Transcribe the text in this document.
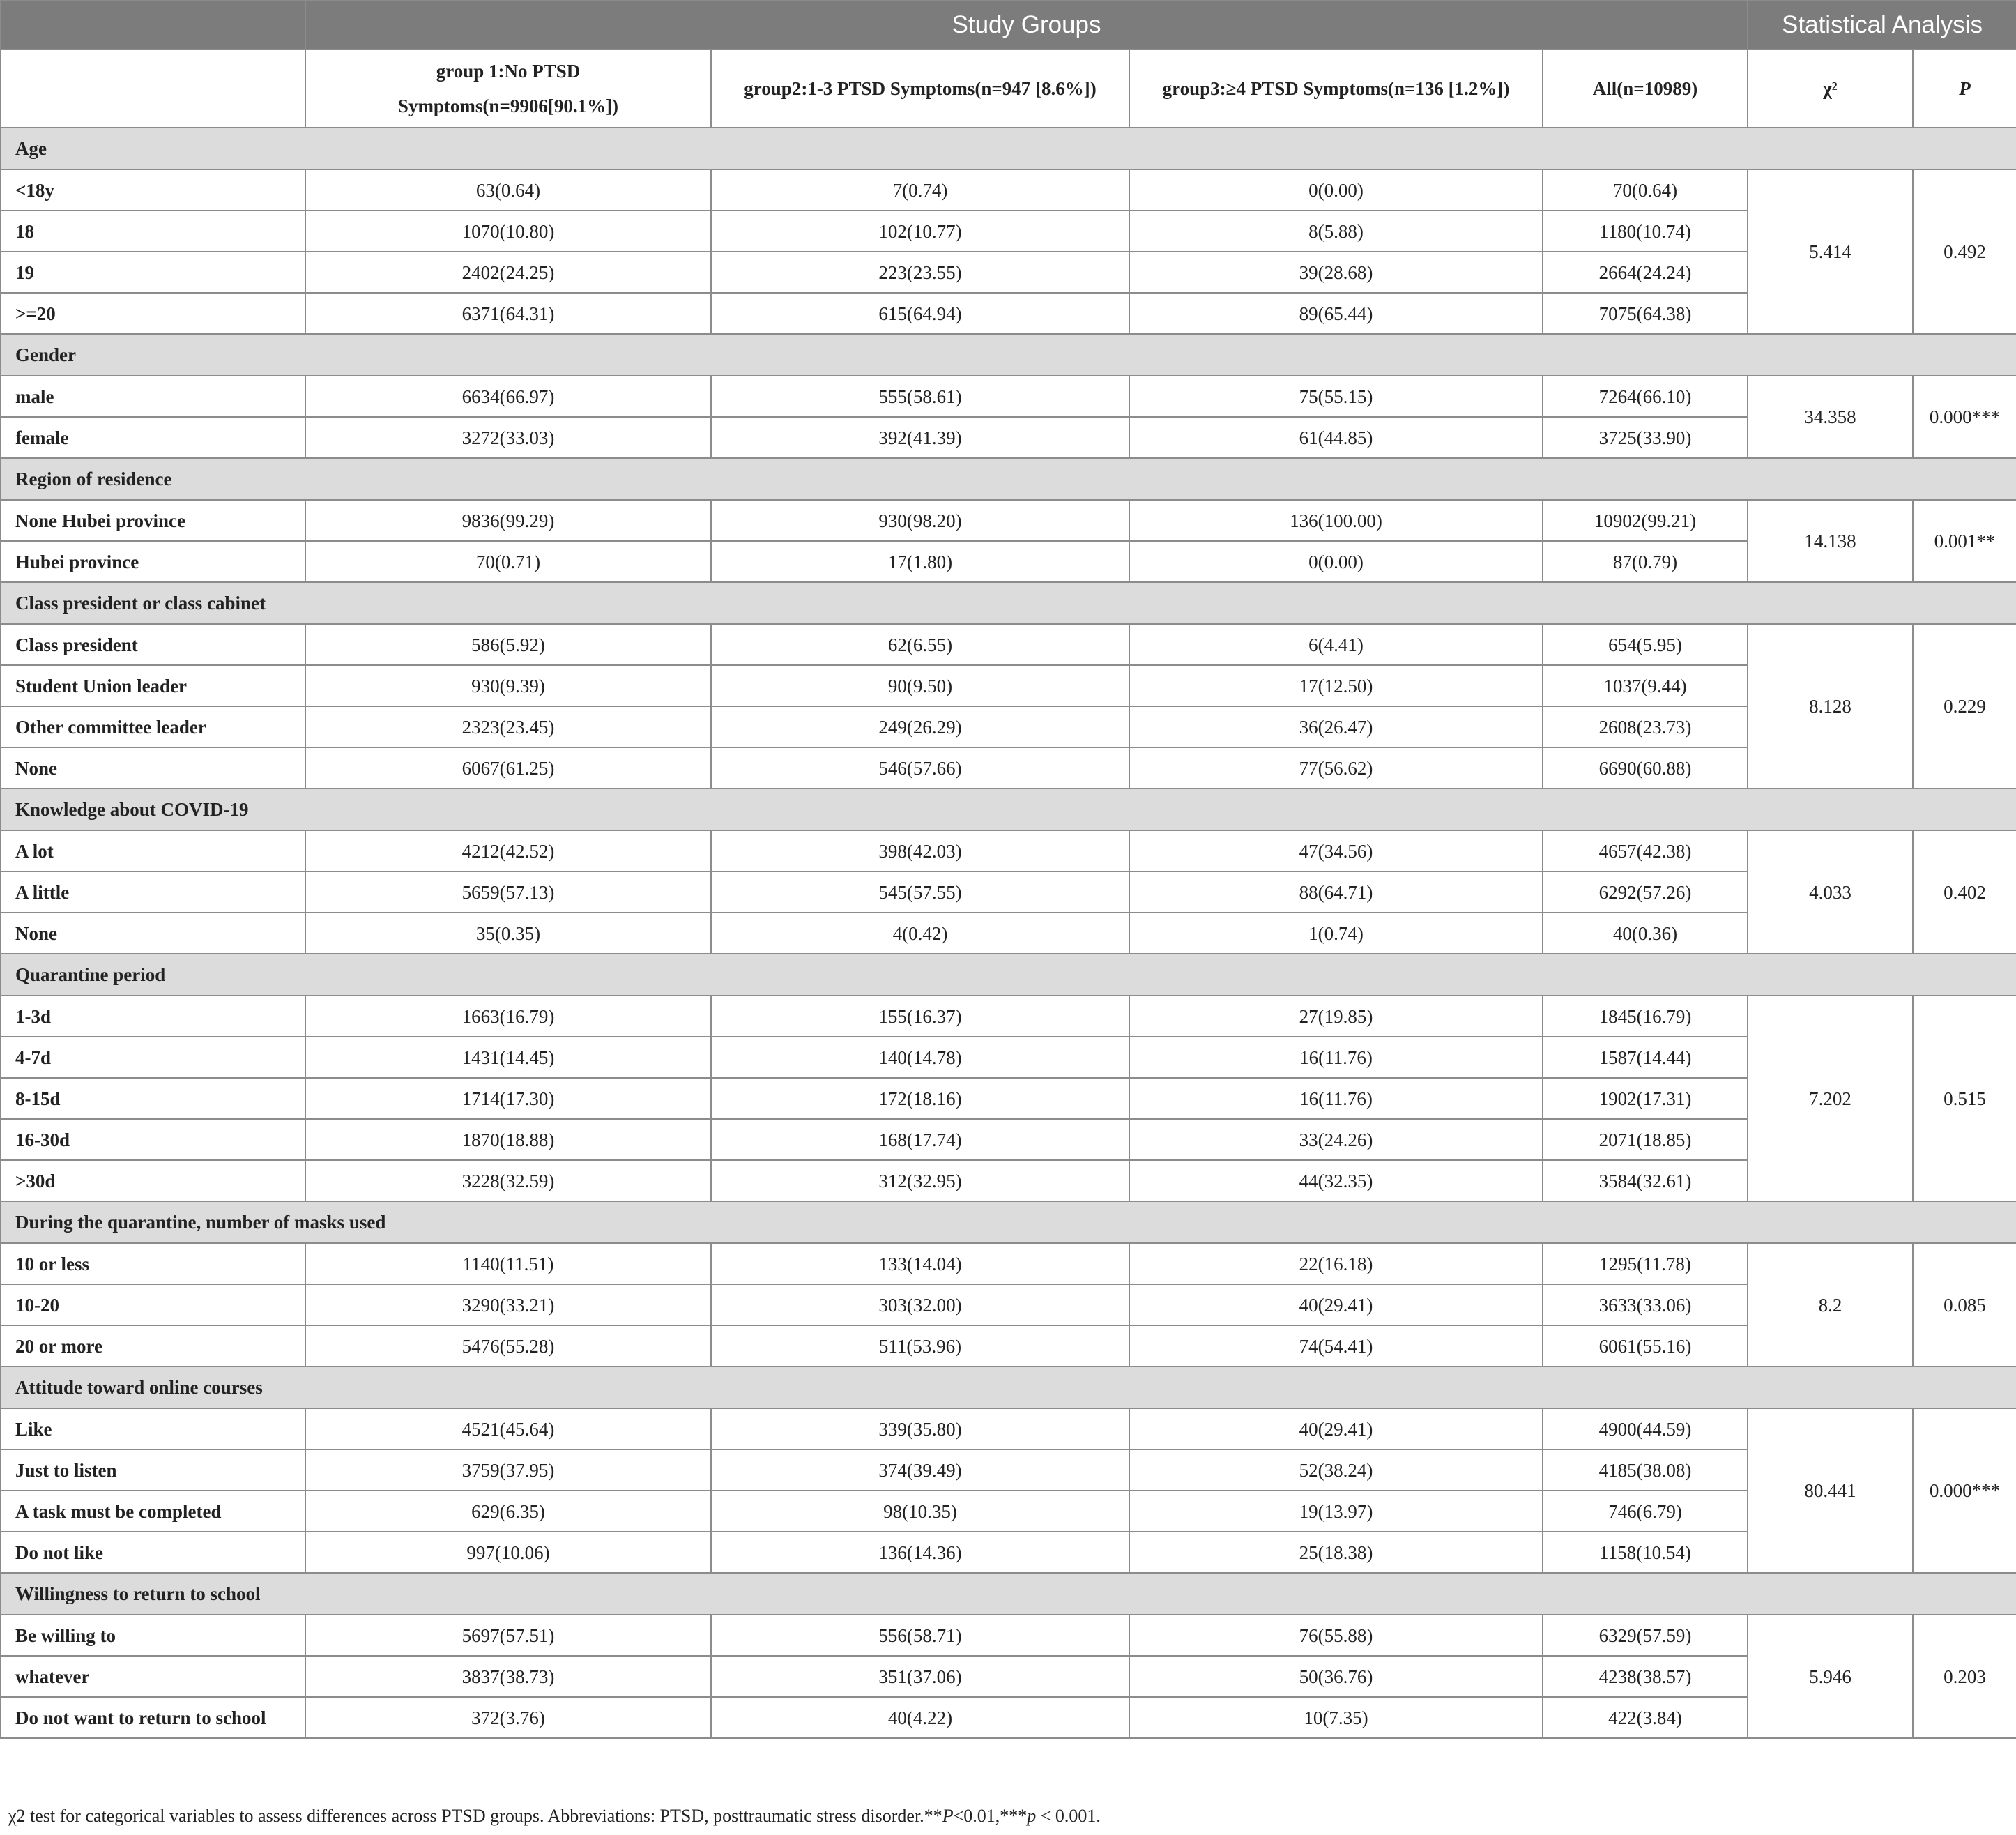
	Study Groups				Statistical Analysis	
	group 1:No PTSD Symptoms(n=9906[90.1%])	group2:1-3 PTSD Symptoms(n=947 [8.6%])	group3:≥4 PTSD Symptoms(n=136 [1.2%])	All(n=10989)	χ²	P
Age						
<18y	63(0.64)	7(0.74)	0(0.00)	70(0.64)	5.414	0.492
18	1070(10.80)	102(10.77)	8(5.88)	1180(10.74)		
19	2402(24.25)	223(23.55)	39(28.68)	2664(24.24)		
>=20	6371(64.31)	615(64.94)	89(65.44)	7075(64.38)		
Gender						
male	6634(66.97)	555(58.61)	75(55.15)	7264(66.10)	34.358	0.000***
female	3272(33.03)	392(41.39)	61(44.85)	3725(33.90)		
Region of residence						
None Hubei province	9836(99.29)	930(98.20)	136(100.00)	10902(99.21)	14.138	0.001**
Hubei province	70(0.71)	17(1.80)	0(0.00)	87(0.79)		
Class president or class cabinet						
Class president	586(5.92)	62(6.55)	6(4.41)	654(5.95)	8.128	0.229
Student Union leader	930(9.39)	90(9.50)	17(12.50)	1037(9.44)		
Other committee leader	2323(23.45)	249(26.29)	36(26.47)	2608(23.73)		
None	6067(61.25)	546(57.66)	77(56.62)	6690(60.88)		
Knowledge about COVID-19						
A lot	4212(42.52)	398(42.03)	47(34.56)	4657(42.38)	4.033	0.402
A little	5659(57.13)	545(57.55)	88(64.71)	6292(57.26)		
None	35(0.35)	4(0.42)	1(0.74)	40(0.36)		
Quarantine period						
1-3d	1663(16.79)	155(16.37)	27(19.85)	1845(16.79)	7.202	0.515
4-7d	1431(14.45)	140(14.78)	16(11.76)	1587(14.44)		
8-15d	1714(17.30)	172(18.16)	16(11.76)	1902(17.31)		
16-30d	1870(18.88)	168(17.74)	33(24.26)	2071(18.85)		
>30d	3228(32.59)	312(32.95)	44(32.35)	3584(32.61)		
During the quarantine, number of masks used						
10 or less	1140(11.51)	133(14.04)	22(16.18)	1295(11.78)	8.2	0.085
10-20	3290(33.21)	303(32.00)	40(29.41)	3633(33.06)		
20 or more	5476(55.28)	511(53.96)	74(54.41)	6061(55.16)		
Attitude toward online courses						
Like	4521(45.64)	339(35.80)	40(29.41)	4900(44.59)	80.441	0.000***
Just to listen	3759(37.95)	374(39.49)	52(38.24)	4185(38.08)		
A task must be completed	629(6.35)	98(10.35)	19(13.97)	746(6.79)		
Do not like	997(10.06)	136(14.36)	25(18.38)	1158(10.54)		
Willingness to return to school						
Be willing to	5697(57.51)	556(58.71)	76(55.88)	6329(57.59)	5.946	0.203
whatever	3837(38.73)	351(37.06)	50(36.76)	4238(38.57)		
Do not want to return to school	372(3.76)	40(4.22)	10(7.35)	422(3.84)		
χ2 test for categorical variables to assess differences across PTSD groups. Abbreviations: PTSD, posttraumatic stress disorder.**P<0.01,***p < 0.001.
